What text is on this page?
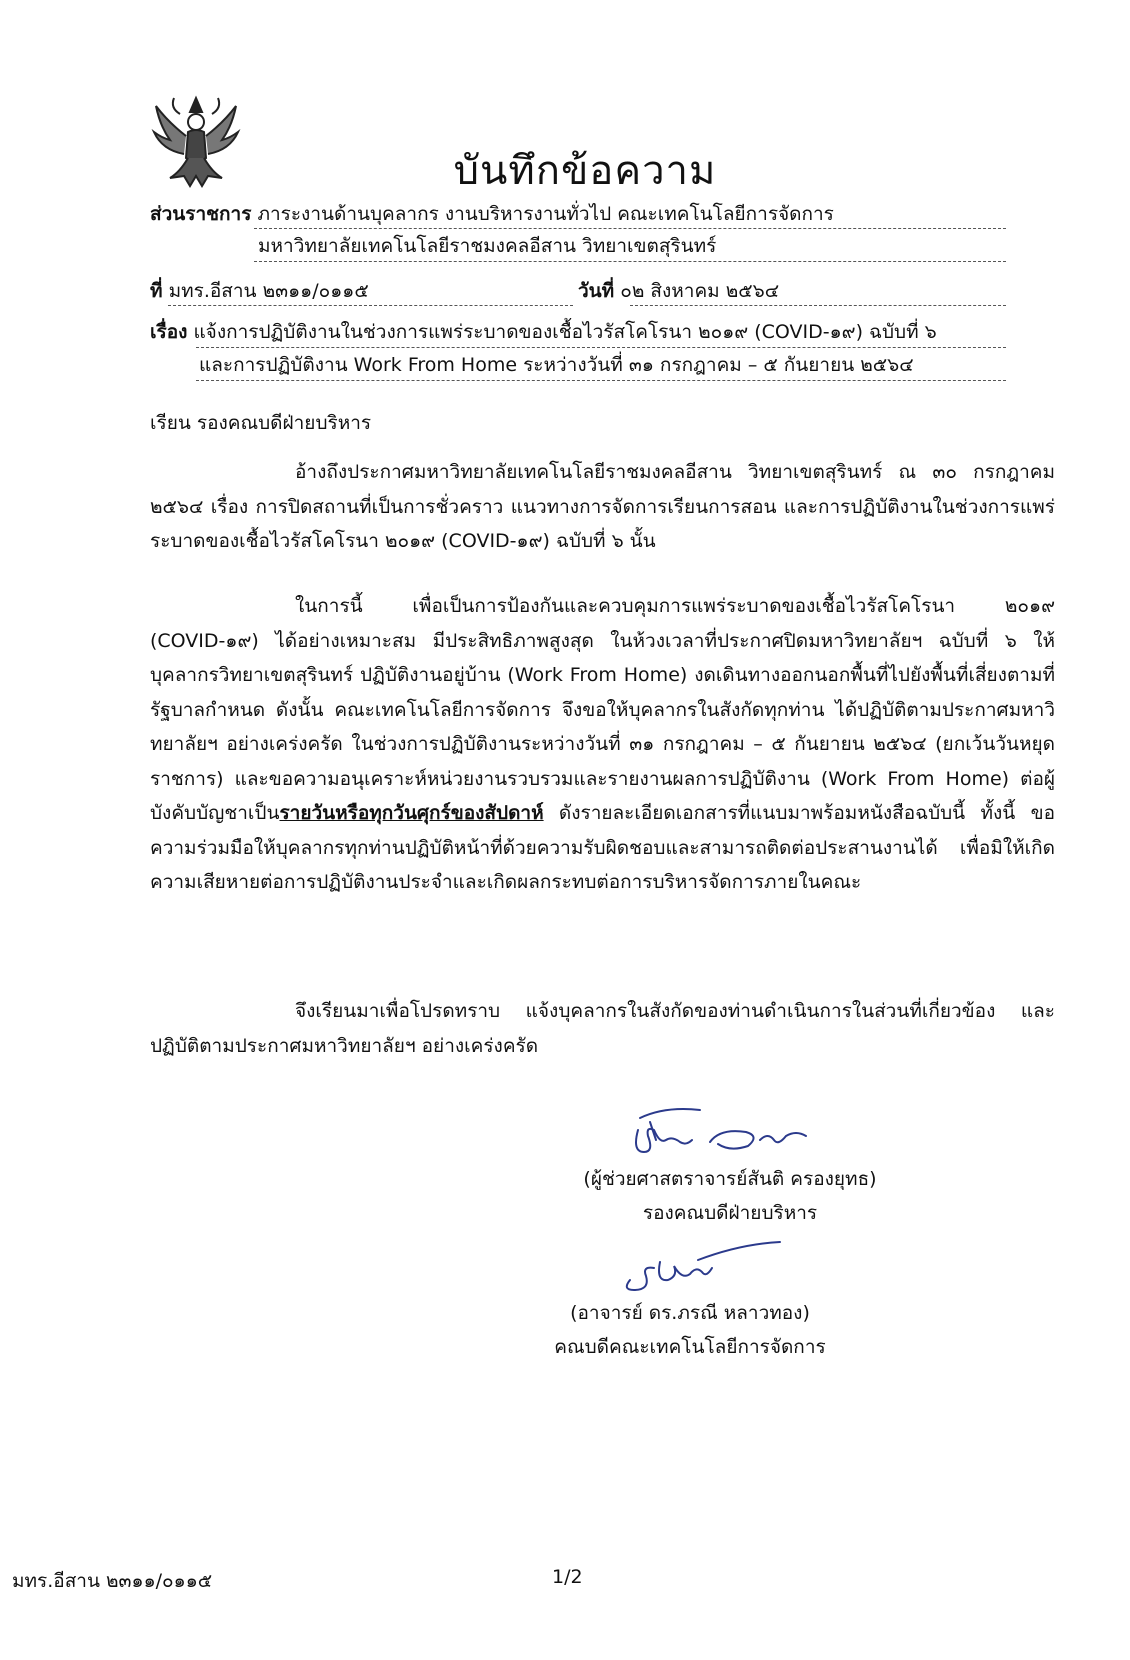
บันทึกข้อความ
ส่วนราชการ ภาระงานด้านบุคลากร งานบริหารงานทั่วไป คณะเทคโนโลยีการจัดการ
มหาวิทยาลัยเทคโนโลยีราชมงคลอีสาน วิทยาเขตสุรินทร์
ที่ มทร.อีสาน ๒๓๑๑/๐๑๑๕	วันที่ ๐๒ สิงหาคม ๒๕๖๔
เรื่อง แจ้งการปฏิบัติงานในช่วงการแพร่ระบาดของเชื้อไวรัสโคโรนา ๒๐๑๙ (COVID-๑๙) ฉบับที่ ๖
และการปฏิบัติงาน Work From Home ระหว่างวันที่ ๓๑ กรกฎาคม – ๕ กันยายน ๒๕๖๔
เรียน รองคณบดีฝ่ายบริหาร
อ้างถึงประกาศมหาวิทยาลัยเทคโนโลยีราชมงคลอีสาน วิทยาเขตสุรินทร์ ณ ๓๐ กรกฎาคม ๒๕๖๔ เรื่อง การปิดสถานที่เป็นการชั่วคราว แนวทางการจัดการเรียนการสอน และการปฏิบัติงานในช่วงการแพร่ระบาดของเชื้อไวรัสโคโรนา ๒๐๑๙ (COVID-๑๙) ฉบับที่ ๖ นั้น
ในการนี้ เพื่อเป็นการป้องกันและควบคุมการแพร่ระบาดของเชื้อไวรัสโคโรนา ๒๐๑๙ (COVID-๑๙) ได้อย่างเหมาะสม มีประสิทธิภาพสูงสุด ในห้วงเวลาที่ประกาศปิดมหาวิทยาลัยฯ ฉบับที่ ๖ ให้บุคลากรวิทยาเขตสุรินทร์ ปฏิบัติงานอยู่บ้าน (Work From Home) งดเดินทางออกนอกพื้นที่ไปยังพื้นที่เสี่ยงตามที่รัฐบาลกำหนด ดังนั้น คณะเทคโนโลยีการจัดการ จึงขอให้บุคลากรในสังกัดทุกท่าน ได้ปฏิบัติตามประกาศมหาวิทยาลัยฯ อย่างเคร่งครัด ในช่วงการปฏิบัติงานระหว่างวันที่ ๓๑ กรกฎาคม – ๕ กันยายน ๒๕๖๔ (ยกเว้นวันหยุดราชการ) และขอความอนุเคราะห์หน่วยงานรวบรวมและรายงานผลการปฏิบัติงาน (Work From Home) ต่อผู้บังคับบัญชาเป็นรายวันหรือทุกวันศุกร์ของสัปดาห์ ดังรายละเอียดเอกสารที่แนบมาพร้อมหนังสือฉบับนี้ ทั้งนี้ ขอความร่วมมือให้บุคลากรทุกท่านปฏิบัติหน้าที่ด้วยความรับผิดชอบและสามารถติดต่อประสานงานได้ เพื่อมิให้เกิดความเสียหายต่อการปฏิบัติงานประจำและเกิดผลกระทบต่อการบริหารจัดการภายในคณะ
จึงเรียนมาเพื่อโปรดทราบ แจ้งบุคลากรในสังกัดของท่านดำเนินการในส่วนที่เกี่ยวข้อง และปฏิบัติตามประกาศมหาวิทยาลัยฯ อย่างเคร่งครัด
(ผู้ช่วยศาสตราจารย์สันติ ครองยุทธ)
รองคณบดีฝ่ายบริหาร
(อาจารย์ ดร.ภรณี หลาวทอง)
คณบดีคณะเทคโนโลยีการจัดการ
มทร.อีสาน ๒๓๑๑/๐๑๑๕	1/2
